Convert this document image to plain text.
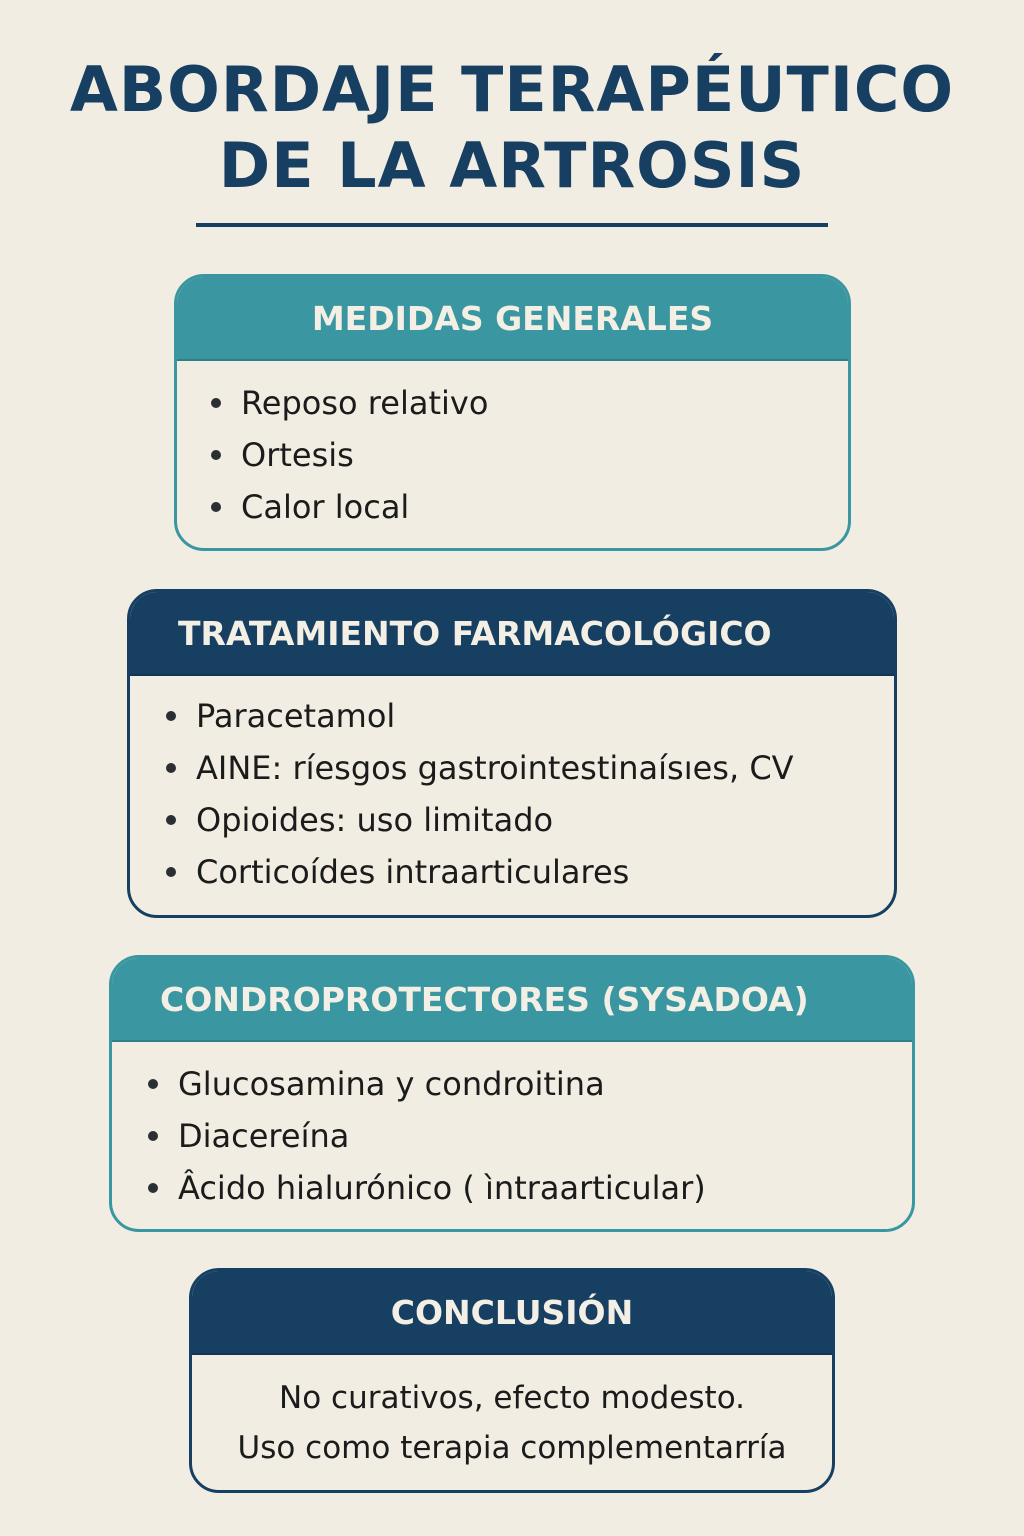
ABORDAJE TERAPÉUTICO
DE LA ARTROSIS
MEDIDAS GENERALES
Reposo relativo
Ortesis
Calor local
TRATAMIENTO FARMACOLÓGICO
Paracetamol
AINE: ríesgos gastrointestinaísıes, CV
Opioides: uso limitado
Corticoídes intraarticulares
CONDROPROTECTORES (SYSADOA)
Glucosamina y condroitina
Diacereína
Âcido hialurónico ( ìntraarticular)
CONCLUSIÓN
No curativos, efecto modesto.
Uso como terapia complementarría
